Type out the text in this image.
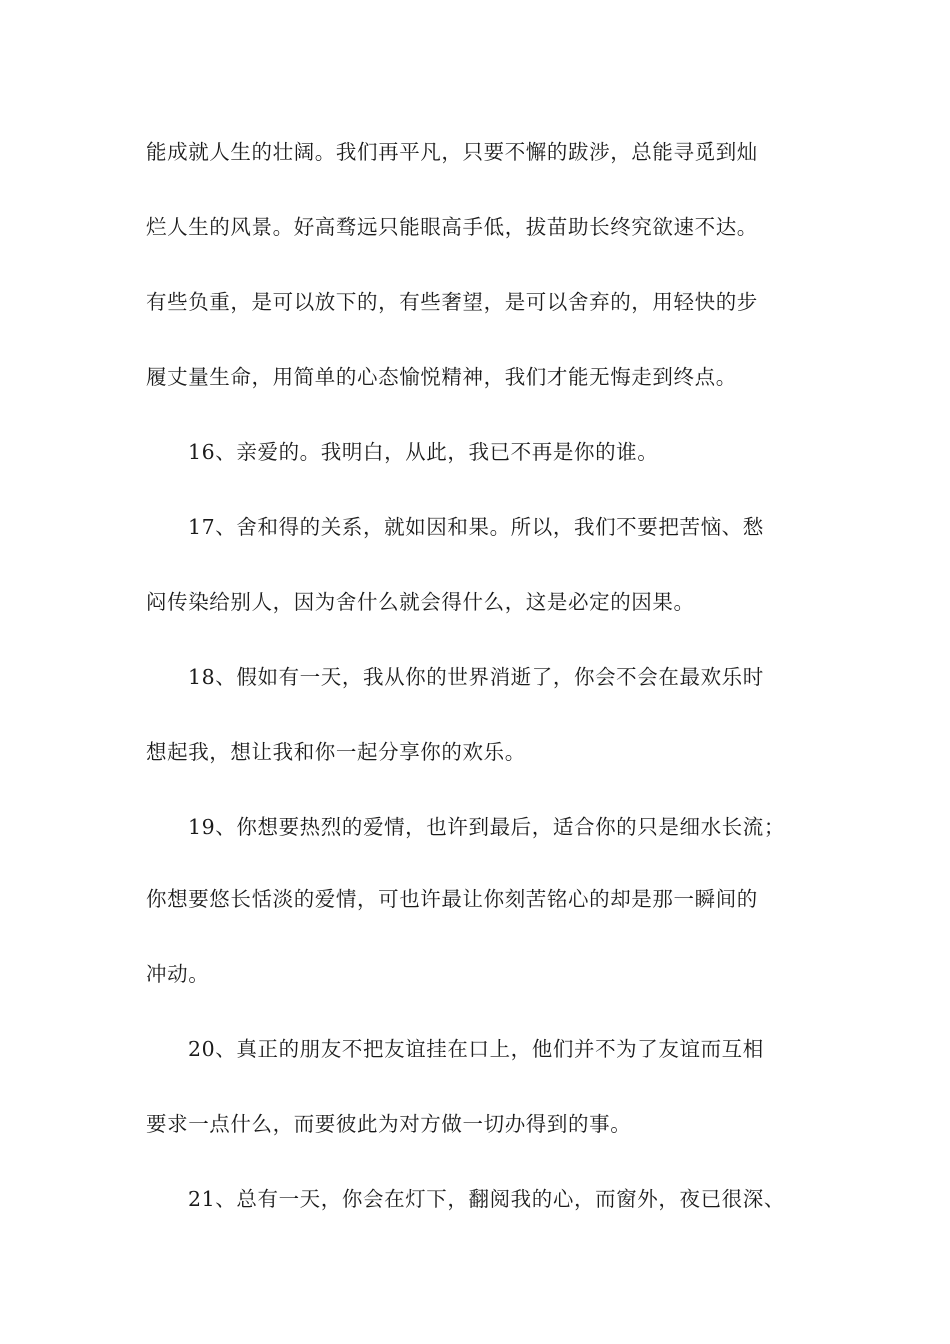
能成就人生的壮阔。我们再平凡，只要不懈的跋涉，总能寻觅到灿
烂人生的风景。好高骛远只能眼高手低，拔苗助长终究欲速不达。
有些负重，是可以放下的，有些奢望，是可以舍弃的，用轻快的步
履丈量生命，用简单的心态愉悦精神，我们才能无悔走到终点。
16、亲爱的。我明白，从此，我已不再是你的谁。
17、舍和得的关系，就如因和果。所以，我们不要把苦恼、愁
闷传染给别人，因为舍什么就会得什么，这是必定的因果。
18、假如有一天，我从你的世界消逝了，你会不会在最欢乐时
想起我，想让我和你一起分享你的欢乐。
19、你想要热烈的爱情，也许到最后，适合你的只是细水长流；
你想要悠长恬淡的爱情，可也许最让你刻苦铭心的却是那一瞬间的
冲动。
20、真正的朋友不把友谊挂在口上，他们并不为了友谊而互相
要求一点什么，而要彼此为对方做一切办得到的事。
21、总有一天，你会在灯下，翻阅我的心，而窗外，夜已很深、
